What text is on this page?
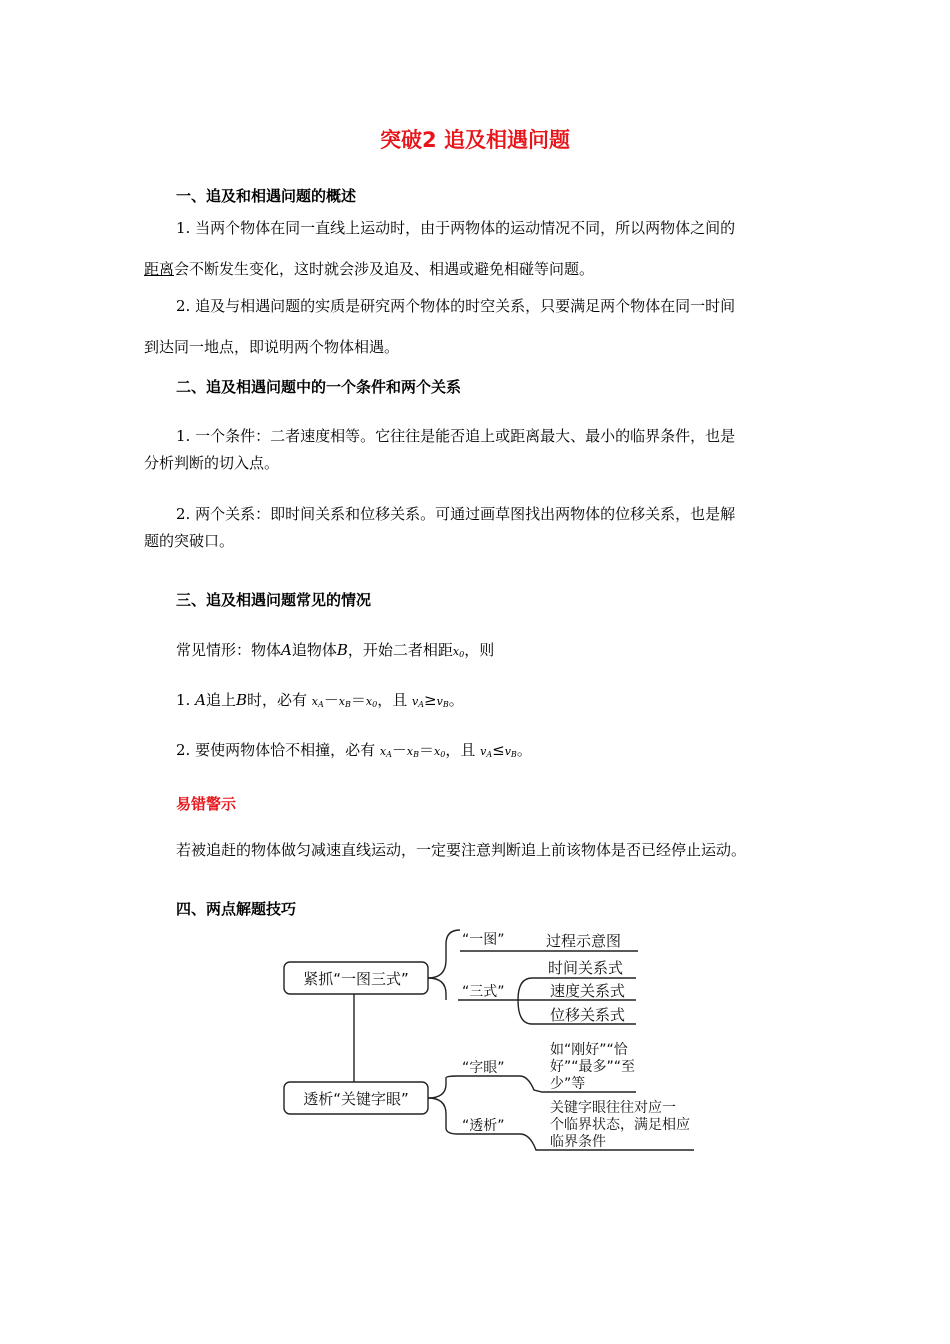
突破2 追及相遇问题
一、追及和相遇问题的概述
1. 当两个物体在同一直线上运动时，由于两物体的运动情况不同，所以两物体之间的
距离会不断发生变化，这时就会涉及追及、相遇或避免相碰等问题。
2. 追及与相遇问题的实质是研究两个物体的时空关系，只要满足两个物体在同一时间
到达同一地点，即说明两个物体相遇。
二、追及相遇问题中的一个条件和两个关系
1. 一个条件：二者速度相等。它往往是能否追上或距离最大、最小的临界条件，也是
分析判断的切入点。
2. 两个关系：即时间关系和位移关系。可通过画草图找出两物体的位移关系，也是解
题的突破口。
三、追及相遇问题常见的情况
常见情形：物体A追物体B，开始二者相距$x_0$，则
1. A追上B时，必有 $x_A-x_B=x_0$，且 $v_A\ge v_B$。
2. 要使两物体恰不相撞，必有 $x_A-x_B=x_0$，且 $v_A\le v_B$。
易错警示
若被追赶的物体做匀减速直线运动，一定要注意判断追上前该物体是否已经停止运动。
四、两点解题技巧
紧抓“一图三式”
透析“关键字眼”
“一图”	过程示意图
“三式”
时间关系式
速度关系式
位移关系式
“字眼”
如“刚好”“恰
好”“最多”“至
少”等
“透析”
关键字眼往往对应一
个临界状态，满足相应
临界条件
